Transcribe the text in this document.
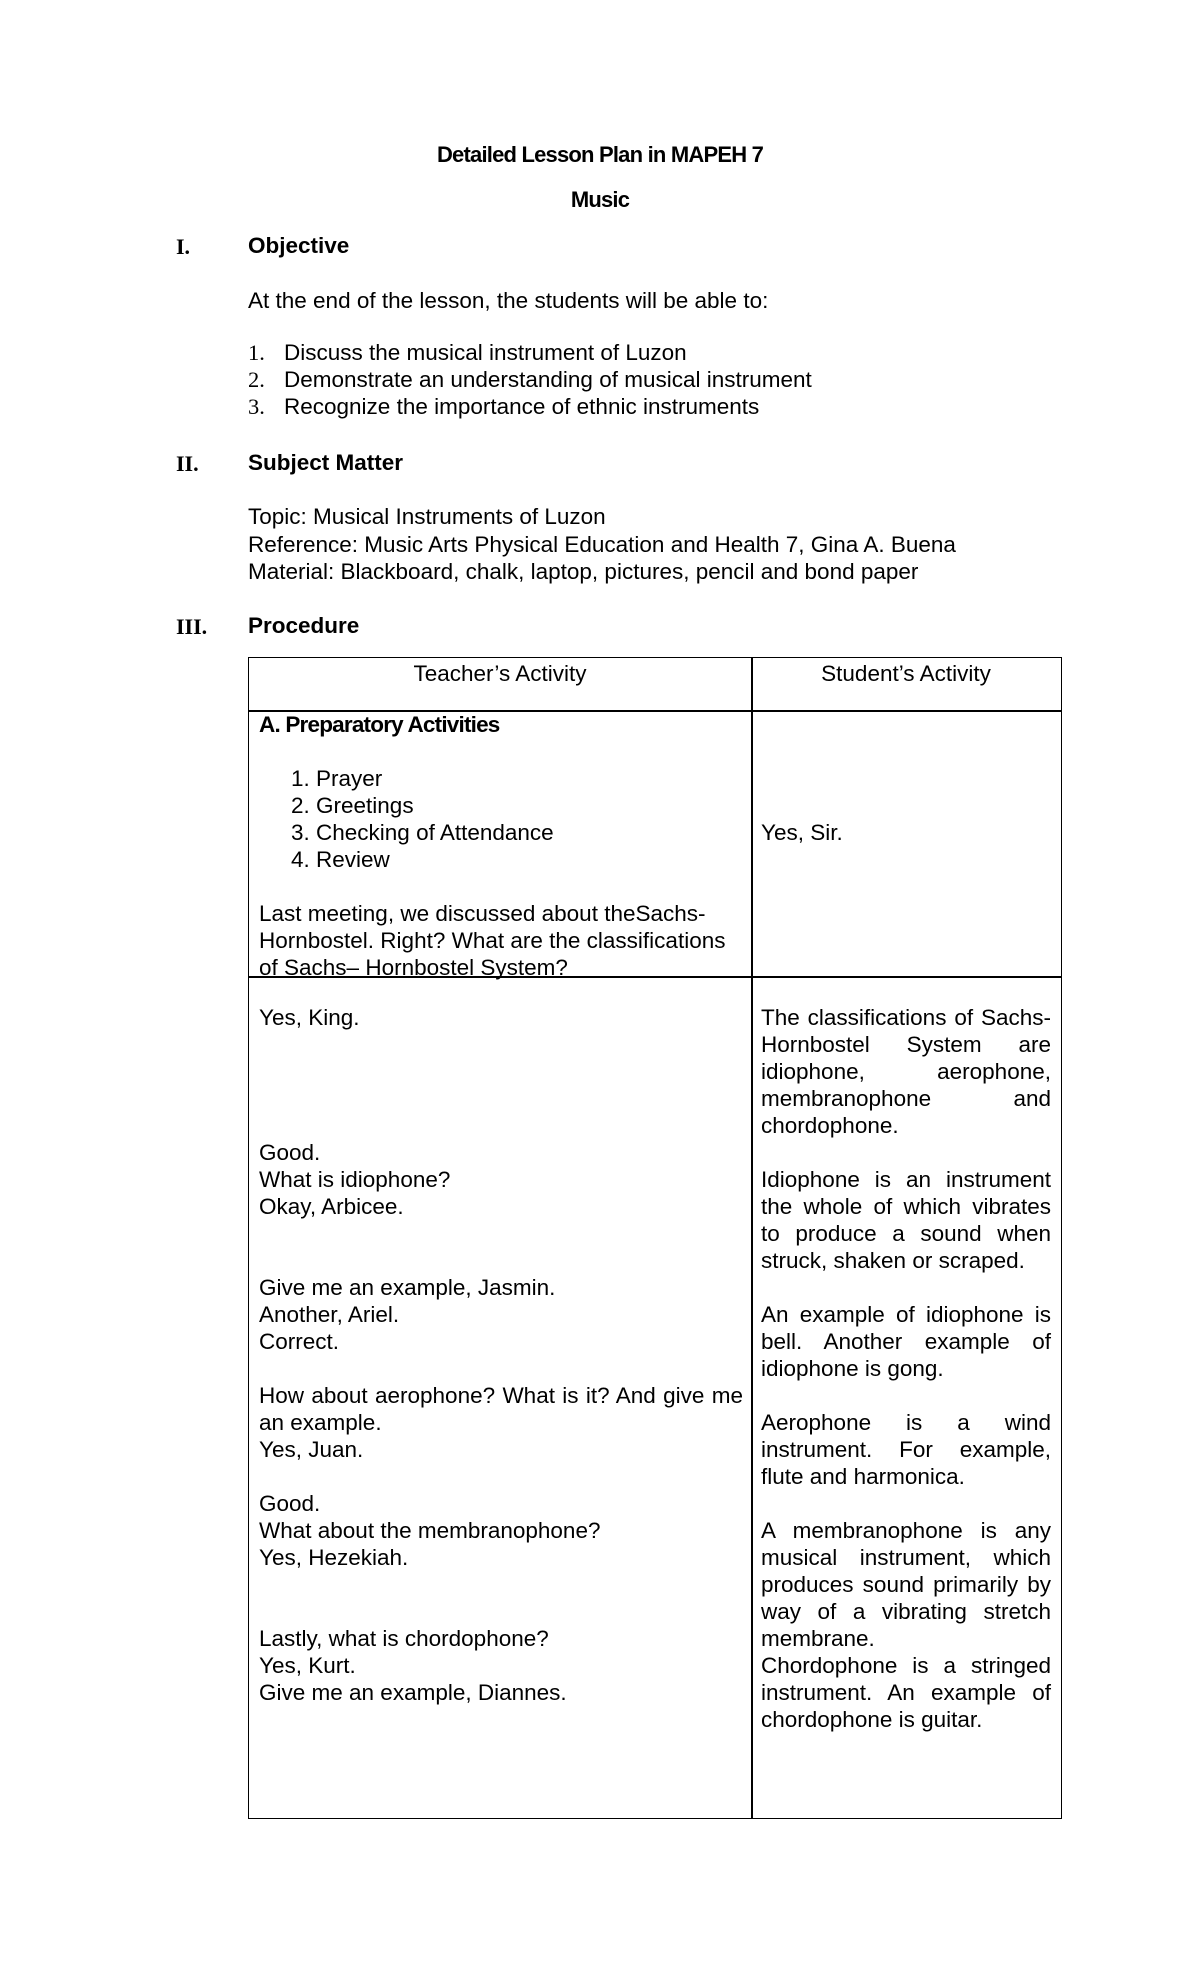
Detailed Lesson Plan in MAPEH 7
Music
I.	Objective

At the end of the lesson, the students will be able to:

1. Discuss the musical instrument of Luzon
2. Demonstrate an understanding of musical instrument
3. Recognize the importance of ethnic instruments
II. Subject Matter
Topic: Musical Instruments of Luzon
Reference: Music Arts Physical Education and Health 7, Gina A. Buena
Material: Blackboard, chalk, laptop, pictures, pencil and bond paper
III. Procedure
Teacher’s Activity	Student’s Activity

A. Preparatory Activities

1. Prayer
2. Greetings
3. Checking of Attendance
4. Review

Last meeting, we discussed about theSachs-Hornbostel. Right? What are the classifications of Sachs– Hornbostel System?

Yes, Sir.
Yes, King.

Good.

What is idiophone?

Okay, Arbicee.

Give me an example, Jasmin.

Another, Ariel.

Correct.

How about aerophone? What is it? And give me an example.

Yes, Juan.

Good.

What about the membranophone?

Yes, Hezekiah.

Lastly, what is chordophone?

Yes, Kurt.

Give me an example, Diannes.

The classifications of Sachs- Hornbostel System are idiophone, aerophone, membranophone and chordophone.
Idiophone is an instrument the whole of which vibrates to produce a sound when struck, shaken or scraped.
An example of idiophone is bell. Another example of idiophone is gong.
Aerophone is a wind instrument. For example, flute and harmonica.
A membranophone is any musical instrument, which produces sound primarily by way of a vibrating stretch membrane.
Chordophone is a stringed instrument. An example of chordophone is guitar.
